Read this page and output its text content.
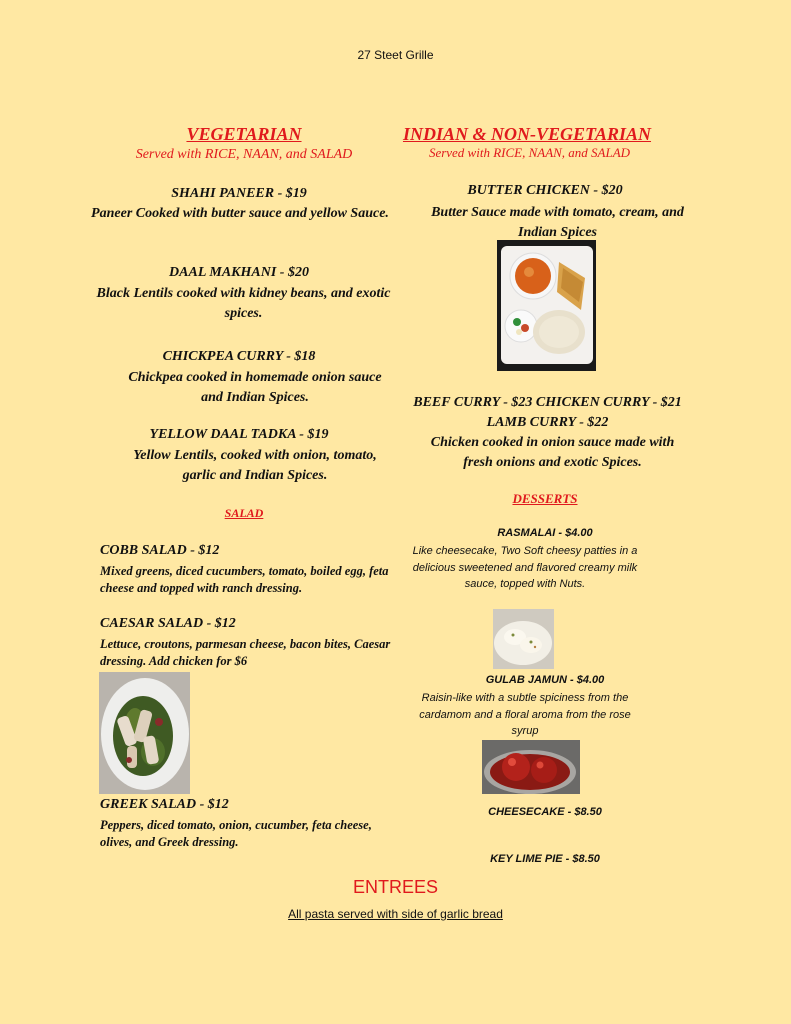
27 Steet Grille
VEGETARIAN
Served with RICE, NAAN, and SALAD
SHAHI PANEER - $19
Paneer Cooked with butter sauce and yellow Sauce.
DAAL MAKHANI - $20
Black Lentils cooked with kidney beans, and exotic spices.
CHICKPEA CURRY - $18
Chickpea cooked in homemade onion sauce and Indian Spices.
YELLOW DAAL TADKA - $19
Yellow Lentils, cooked with onion, tomato, garlic and Indian Spices.
SALAD
COBB SALAD - $12
Mixed greens, diced cucumbers, tomato, boiled egg, feta cheese and topped with ranch dressing.
CAESAR SALAD - $12
Lettuce, croutons, parmesan cheese, bacon bites, Caesar dressing. Add chicken for $6
GREEK SALAD - $12
Peppers, diced tomato, onion, cucumber, feta cheese, olives, and Greek dressing.
INDIAN & NON-VEGETARIAN
Served with RICE, NAAN, and SALAD
BUTTER CHICKEN - $20
Butter Sauce made with tomato, cream, and Indian Spices
BEEF CURRY - $23 CHICKEN CURRY - $21 LAMB CURRY - $22
Chicken cooked in onion sauce made with fresh onions and exotic Spices.
DESSERTS
RASMALAI - $4.00
Like cheesecake, Two Soft cheesy patties in a delicious sweetened and flavored creamy milk sauce, topped with Nuts.
GULAB JAMUN - $4.00
Raisin-like with a subtle spiciness from the cardamom and a floral aroma from the rose syrup
CHEESECAKE - $8.50
KEY LIME PIE - $8.50
ENTREES
All pasta served with side of garlic bread
